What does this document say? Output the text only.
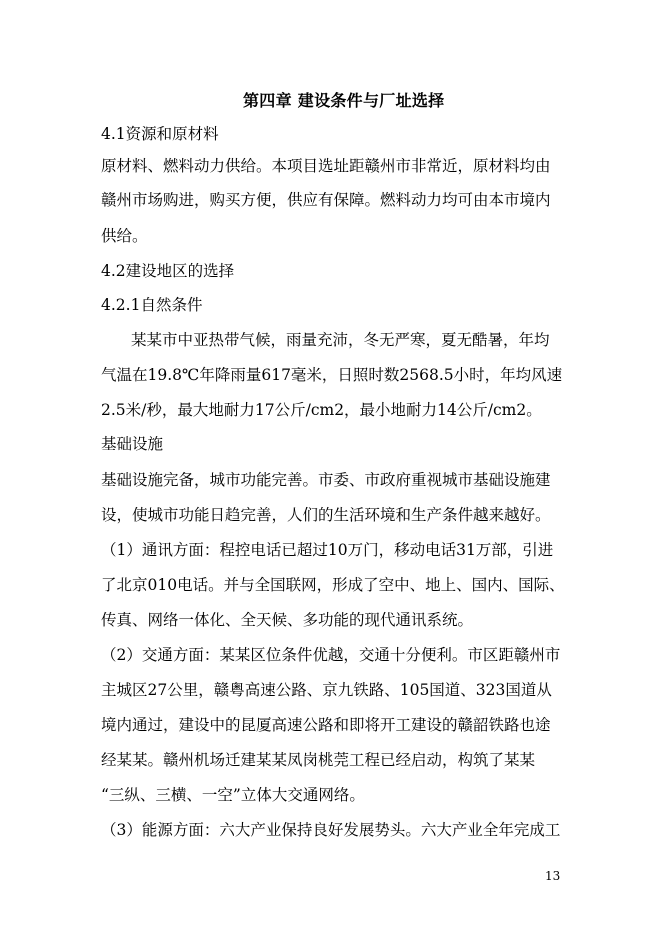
第四章 建设条件与厂址选择
4.1资源和原材料
原材料、燃料动力供给。本项目选址距赣州市非常近，原材料均由
赣州市场购进，购买方便，供应有保障。燃料动力均可由本市境内
供给。
4.2建设地区的选择
4.2.1自然条件
某某市中亚热带气候，雨量充沛，冬无严寒，夏无酷暑，年均
气温在19.8℃年降雨量617毫米，日照时数2568.5小时，年均风速
2.5米/秒，最大地耐力17公斤/cm2，最小地耐力14公斤/cm2。
基础设施
基础设施完备，城市功能完善。市委、市政府重视城市基础设施建
设，使城市功能日趋完善，人们的生活环境和生产条件越来越好。
（1）通讯方面：程控电话已超过10万门，移动电话31万部，引进
了北京010电话。并与全国联网，形成了空中、地上、国内、国际、
传真、网络一体化、全天候、多功能的现代通讯系统。
（2）交通方面：某某区位条件优越，交通十分便利。市区距赣州市
主城区27公里，赣粤高速公路、京九铁路、105国道、323国道从
境内通过，建设中的昆厦高速公路和即将开工建设的赣韶铁路也途
经某某。赣州机场迁建某某凤岗桃莞工程已经启动，构筑了某某
“三纵、三横、一空”立体大交通网络。
（3）能源方面：六大产业保持良好发展势头。六大产业全年完成工
13
